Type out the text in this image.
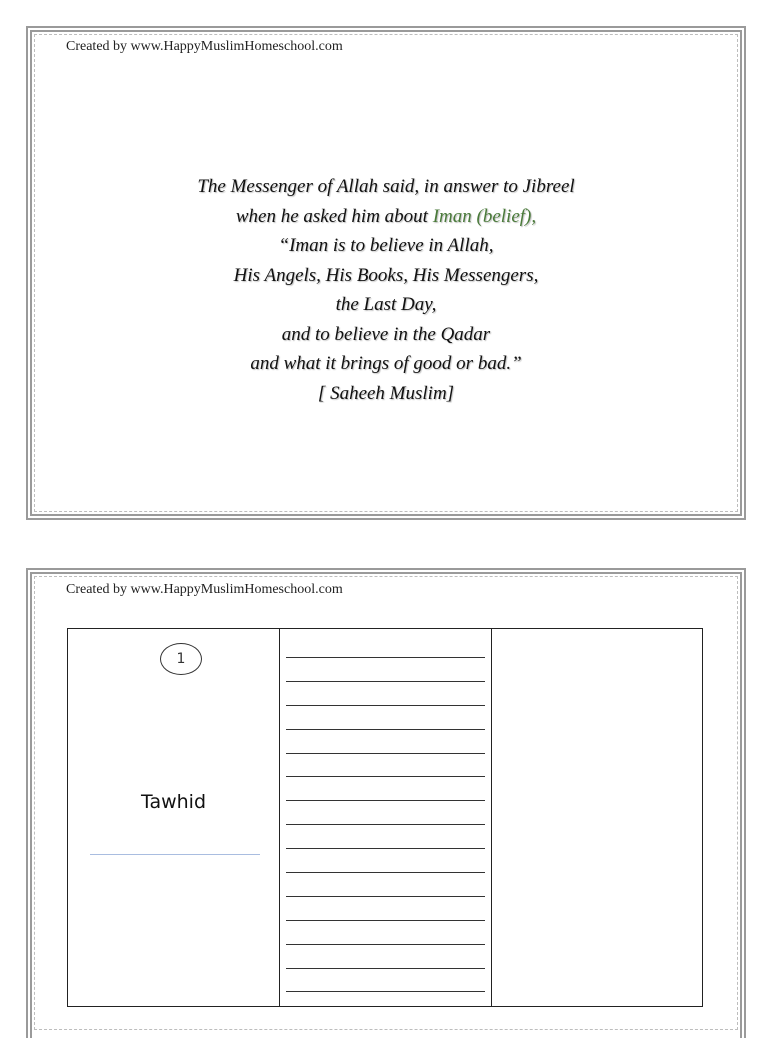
Created by www.HappyMuslimHomeschool.com
The Messenger of Allah said, in answer to Jibreel
when he asked him about Iman (belief),
“Iman is to believe in Allah,
His Angels, His Books, His Messengers,
the Last Day,
and to believe in the Qadar
and what it brings of good or bad.”
[ Saheeh Muslim]
Created by www.HappyMuslimHomeschool.com
1
Tawhid
